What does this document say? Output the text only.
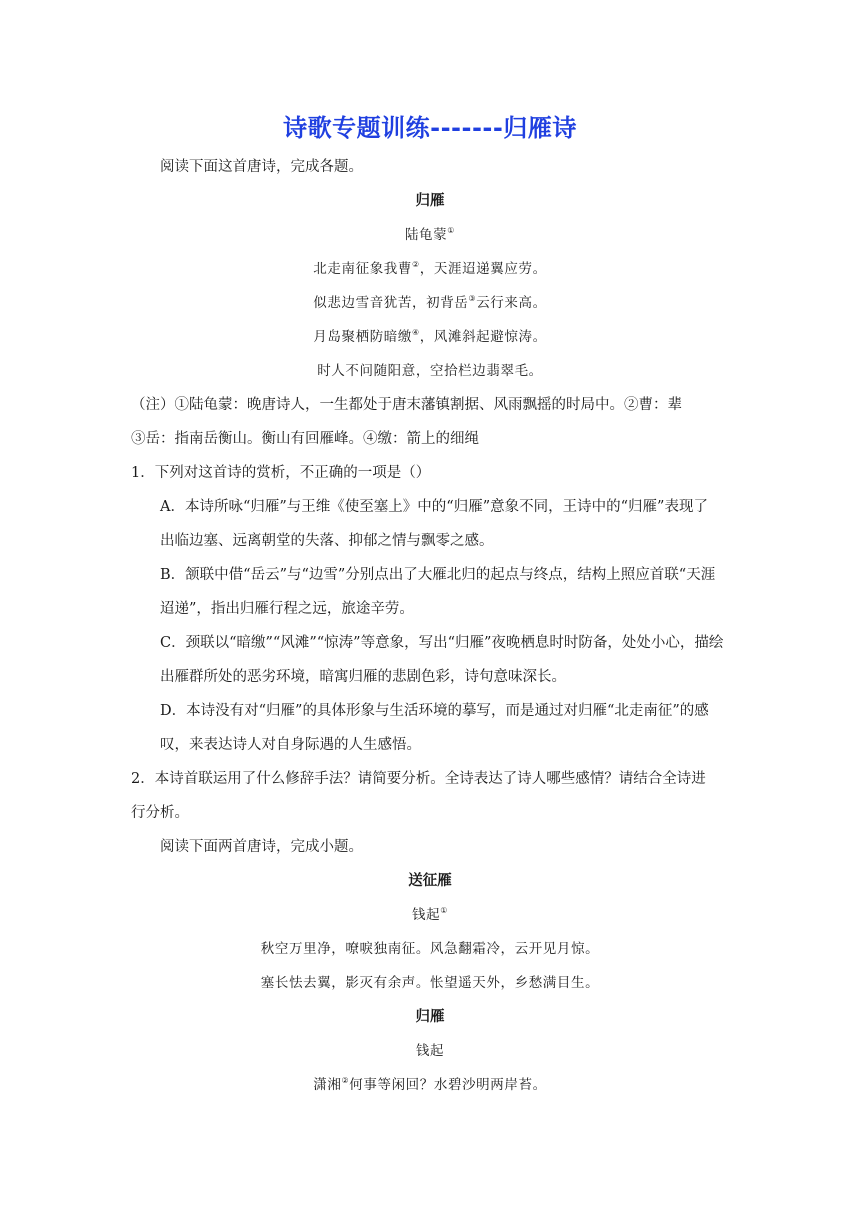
诗歌专题训练-------归雁诗
阅读下面这首唐诗，完成各题。
归雁
陆龟蒙①
北走南征象我曹②，天涯迢递翼应劳。
似悲边雪音犹苦，初背岳③云行来高。
月岛聚栖防暗缴④，风滩斜起避惊涛。
时人不问随阳意，空拾栏边翡翠毛。
（注）①陆龟蒙：晚唐诗人，一生都处于唐末藩镇割据、风雨飘摇的时局中。②曹：辈
③岳：指南岳衡山。衡山有回雁峰。④缴：箭上的细绳
1．下列对这首诗的赏析，不正确的一项是（）
A．本诗所咏“归雁”与王维《使至塞上》中的“归雁”意象不同，王诗中的“归雁”表现了
出临边塞、远离朝堂的失落、抑郁之情与飘零之感。
B．颔联中借“岳云”与“边雪”分别点出了大雁北归的起点与终点，结构上照应首联“天涯
迢递”，指出归雁行程之远，旅途辛劳。
C．颈联以“暗缴”“风滩”“惊涛”等意象，写出“归雁”夜晚栖息时时防备，处处小心，描绘
出雁群所处的恶劣环境，暗寓归雁的悲剧色彩，诗句意味深长。
D．本诗没有对“归雁”的具体形象与生活环境的摹写，而是通过对归雁“北走南征”的感
叹，来表达诗人对自身际遇的人生感悟。
2．本诗首联运用了什么修辞手法？请简要分析。全诗表达了诗人哪些感情？请结合全诗进
行分析。
阅读下面两首唐诗，完成小题。
送征雁
钱起①
秋空万里净，嘹唳独南征。风急翻霜冷，云开见月惊。
塞长怯去翼，影灭有余声。怅望遥天外，乡愁满目生。
归雁
钱起
潇湘②何事等闲回？水碧沙明两岸苔。
